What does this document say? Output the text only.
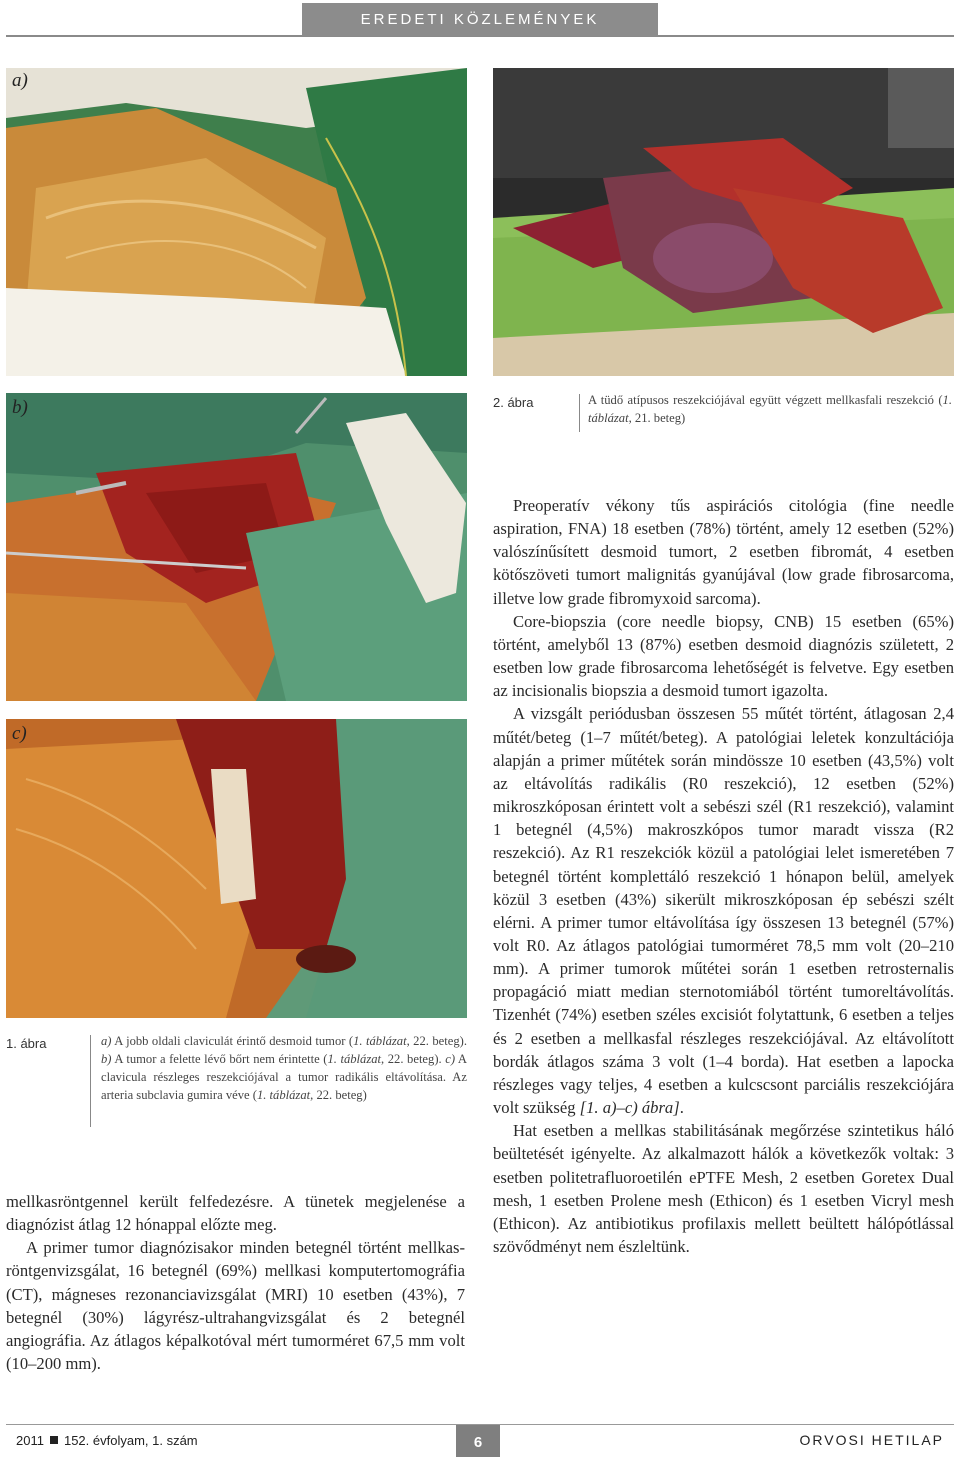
EREDETI KÖZLEMÉNYEK
a)
b)
c)
2. ábra	A tüdő atípusos reszekciójával együtt végzett mellkasfali reszekció (1. táblázat, 21. beteg)
1. ábra	a) A jobb oldali claviculát érintő desmoid tumor (1. táblázat, 22. beteg). b) A tumor a felette lévő bőrt nem érintette (1. táblázat, 22. beteg). c) A clavicula részleges reszekciójával a tumor radikális eltávolítása. Az arteria subclavia gumira véve (1. táblázat, 22. beteg)

mellkasröntgennel került felfedezésre. A tünetek megjelenése a diagnózist átlag 12 hónappal előzte meg.

A primer tumor diagnózisakor minden betegnél történt mellkas-röntgenvizsgálat, 16 betegnél (69%) mellkasi komputertomográfia (CT), mágneses rezonanciavizsgálat (MRI) 10 esetben (43%), 7 betegnél (30%) lágyrész-ultrahangvizsgálat és 2 betegnél angiográfia. Az átlagos képalkotóval mért tumorméret 67,5 mm volt (10–200 mm).

Preoperatív vékony tűs aspirációs citológia (fine needle aspiration, FNA) 18 esetben (78%) történt, amely 12 esetben (52%) valószínűsített desmoid tumort, 2 esetben fibromát, 4 esetben kötőszöveti tumort malignitás gyanújával (low grade fibrosarcoma, illetve low grade fibromyxoid sarcoma).

Core-biopszia (core needle biopsy, CNB) 15 esetben (65%) történt, amelyből 13 (87%) esetben desmoid diagnózis született, 2 esetben low grade fibrosarcoma lehetőségét is felvetve. Egy esetben az incisionalis biopszia a desmoid tumort igazolta.

A vizsgált periódusban összesen 55 műtét történt, átlagosan 2,4 műtét/beteg (1–7 műtét/beteg). A patológiai leletek konzultációja alapján a primer műtétek során mindössze 10 esetben (43,5%) volt az eltávolítás radikális (R0 reszekció), 12 esetben (52%) mikroszkóposan érintett volt a sebészi szél (R1 reszekció), valamint 1 betegnél (4,5%) makroszkópos tumor maradt vissza (R2 reszekció). Az R1 reszekciók közül a patológiai lelet ismeretében 7 betegnél történt komplettáló reszekció 1 hónapon belül, amelyek közül 3 esetben (43%) sikerült mikroszkóposan ép sebészi szélt elérni. A primer tumor eltávolítása így összesen 13 betegnél (57%) volt R0. Az átlagos patológiai tumorméret 78,5 mm volt (20–210 mm). A primer tumorok műtétei során 1 esetben retrosternalis propagáció miatt median sternotomiából történt tumoreltávolítás. Tizenhét (74%) esetben széles excisiót folytattunk, 6 esetben a teljes és 2 esetben a mellkasfal részleges reszekciójával. Az eltávolított bordák átlagos száma 3 volt (1–4 borda). Hat esetben a lapocka részleges vagy teljes, 4 esetben a kulcscsont parciális reszekciójára volt szükség [1. a)–c) ábra].

Hat esetben a mellkas stabilitásának megőrzése szintetikus háló beültetését igényelte. Az alkalmazott hálók a következők voltak: 3 esetben politetrafluoroetilén ePTFE Mesh, 2 esetben Goretex Dual mesh, 1 esetben Prolene mesh (Ethicon) és 1 esetben Vicryl mesh (Ethicon). Az antibiotikus profilaxis mellett beültett hálópótlással szövődményt nem észleltünk.

2011 152. évfolyam, 1. szám	6	ORVOSI HETILAP
